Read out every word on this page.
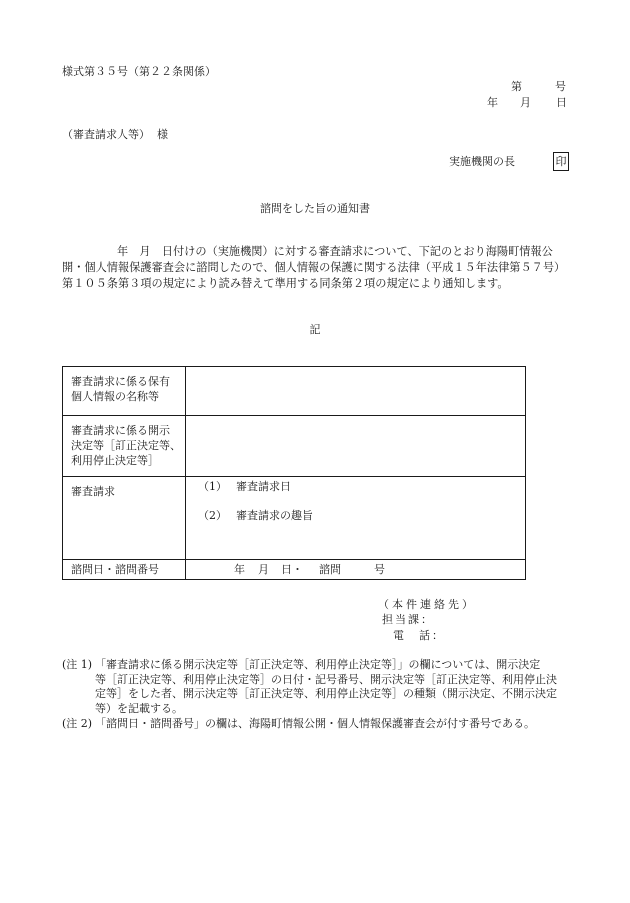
様式第３５号（第２２条関係）
第	号
年 月 日
（審査請求人等） 様
実施機関の長	印
諮問をした旨の通知書
年　月　日付けの（実施機関）に対する審査請求について、下記のとおり海陽町情報公
開・個人情報保護審査会に諮問したので、個人情報の保護に関する法律（平成１５年法律第５７号）
第１０５条第３項の規定により読み替えて準用する同条第２項の規定により通知します。
記
審査請求に係る保有
個人情報の名称等	

審査請求に係る開示
決定等［訂正決定等、
利用停止決定等］	

審査請求	（1） 審査請求日
（2） 審査請求の趣旨

諮問日・諮問番号	年 月 日・ 諮問 号
（本件連絡先）
担当課：
電　話：
(注 1) 「審査請求に係る開示決定等［訂正決定等、利用停止決定等］」の欄については、開示決定
等［訂正決定等、利用停止決定等］の日付・記号番号、開示決定等［訂正決定等、利用停止決
定等］をした者、開示決定等［訂正決定等、利用停止決定等］の種類（開示決定、不開示決定
等）を記載する。
(注 2) 「諮問日・諮問番号」の欄は、海陽町情報公開・個人情報保護審査会が付す番号である。
